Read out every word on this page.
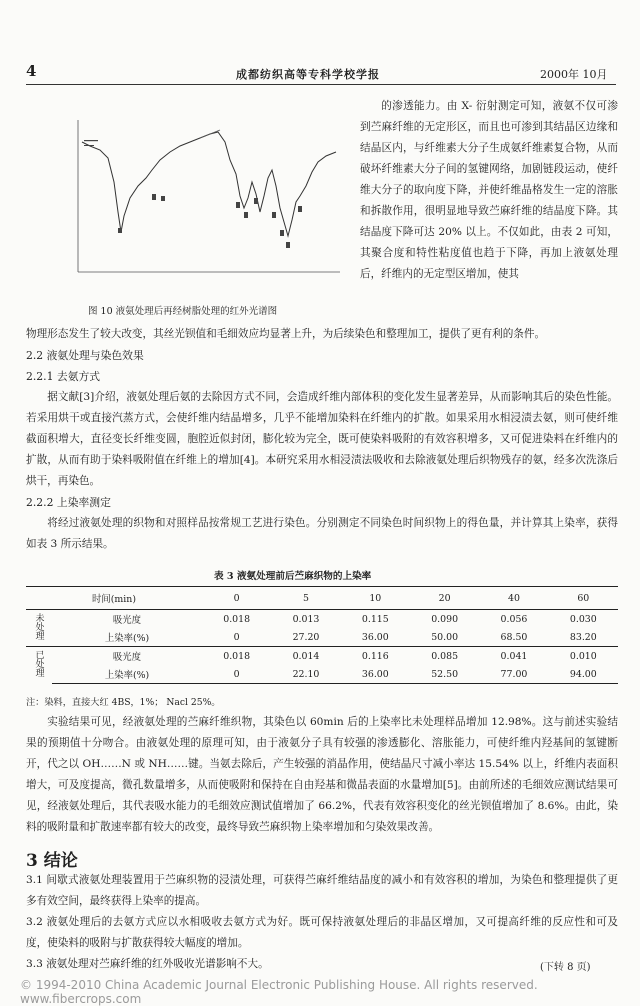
4	成都纺织高等专科学校学报	2000年 10月
图 10 液氨处理后再经树脂处理的红外光谱图

的渗透能力。由 X- 衍射测定可知，液氨不仅可渗到苎麻纤维的无定形区，而且也可渗到其结晶区边缘和结晶区内，与纤维素大分子生成氨纤维素复合物，从而破坏纤维素大分子间的氢键网络，加剧链段运动，使纤维大分子的取向度下降，并使纤维晶格发生一定的溶胀和拆散作用，很明显地导致苎麻纤维的结晶度下降。其结晶度下降可达 20% 以上。不仅如此，由表 2 可知，其聚合度和特性粘度值也趋于下降，再加上液氨处理后，纤维内的无定型区增加，使其

物理形态发生了较大改变，其丝光钡值和毛细效应均显著上升，为后续染色和整理加工，提供了更有利的条件。

2.2 液氨处理与染色效果

2.2.1 去氨方式

据文献[3]介绍，液氨处理后氨的去除因方式不同，会造成纤维内部体积的变化发生显著差异，从而影响其后的染色性能。若采用烘干或直接汽蒸方式，会使纤维内结晶增多，几乎不能增加染料在纤维内的扩散。如果采用水相浸渍去氨，则可使纤维截面积增大，直径变长纤维变圆，胞腔近似封闭，膨化较为完全，既可使染料吸附的有效容积增多，又可促进染料在纤维内的扩散，从而有助于染料吸附值在纤维上的增加[4]。本研究采用水相浸渍法吸收和去除液氨处理后织物残存的氨，经多次洗涤后烘干，再染色。

2.2.2 上染率测定

将经过液氨处理的织物和对照样品按常规工艺进行染色。分别测定不同染色时间织物上的得色量，并计算其上染率，获得如表 3 所示结果。

表 3 液氨处理前后苎麻织物的上染率
时间(min)		0	5	10	20	40	60
未处理	吸光度	0.018	0.013	0.115	0.090	0.056	0.030
	上染率(%)	0	27.20	36.00	50.00	68.50	83.20
已处理	吸光度	0.018	0.014	0.116	0.085	0.041	0.010
	上染率(%)	0	22.10	36.00	52.50	77.00	94.00
注：染料，直接大红 4BS，1%； Nacl 25%。

实验结果可见，经液氨处理的苎麻纤维织物，其染色以 60min 后的上染率比未处理样品增加 12.98%。这与前述实验结果的预期值十分吻合。由液氨处理的原理可知，由于液氨分子具有较强的渗透膨化、溶胀能力，可使纤维内羟基间的氢键断开，代之以 OH……N 或 NH……键。当氨去除后，产生较强的消晶作用，使结晶尺寸减小率达 15.54% 以上，纤维内表面积增大，可及度提高，微孔数量增多，从而使吸附和保持在自由羟基和微晶表面的水量增加[5]。由前所述的毛细效应测试结果可见，经液氨处理后，其代表吸水能力的毛细效应测试值增加了 66.2%，代表有效容积变化的丝光钡值增加了 8.6%。由此，染料的吸附量和扩散速率都有较大的改变，最终导致苎麻织物上染率增加和匀染效果改善。

3 结论

3.1 间歇式液氨处理装置用于苎麻织物的浸渍处理，可获得苎麻纤维结晶度的减小和有效容积的增加，为染色和整理提供了更多有效空间，最终获得上染率的提高。

3.2 液氨处理后的去氨方式应以水相吸收去氨方式为好。既可保持液氨处理后的非晶区增加，又可提高纤维的反应性和可及度，使染料的吸附与扩散获得较大幅度的增加。

3.3 液氨处理对苎麻纤维的红外吸收光谱影响不大。	(下转 8 页)
© 1994-2010 China Academic Journal Electronic Publishing House. All rights reserved. www.fibercrops.com
